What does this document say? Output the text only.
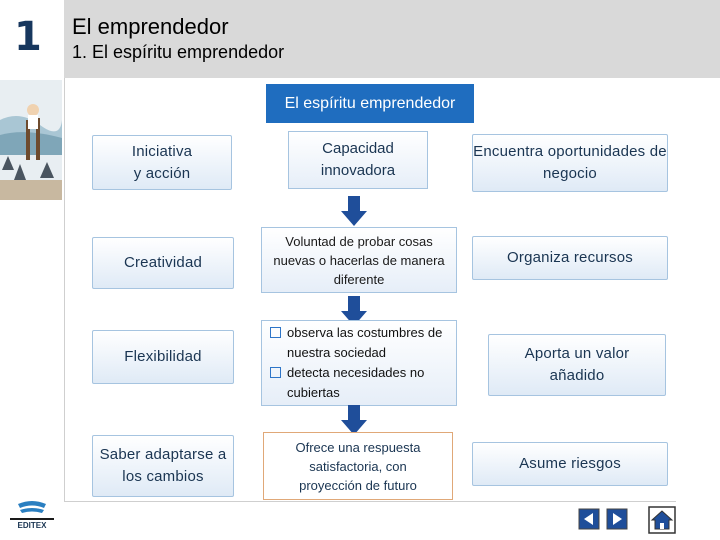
1 El emprendedor
1. El espíritu emprendedor
El espíritu emprendedor
Iniciativa y acción
Creatividad
Flexibilidad
Saber adaptarse a los cambios
Capacidad innovadora
Voluntad de probar cosas nuevas o hacerlas de manera diferente
observa las costumbres de nuestra sociedad
detecta necesidades no cubiertas
Ofrece una respuesta satisfactoria, con proyección de futuro
Encuentra oportunidades de negocio
Organiza recursos
Aporta un valor añadido
Asume riesgos
EDITEX
